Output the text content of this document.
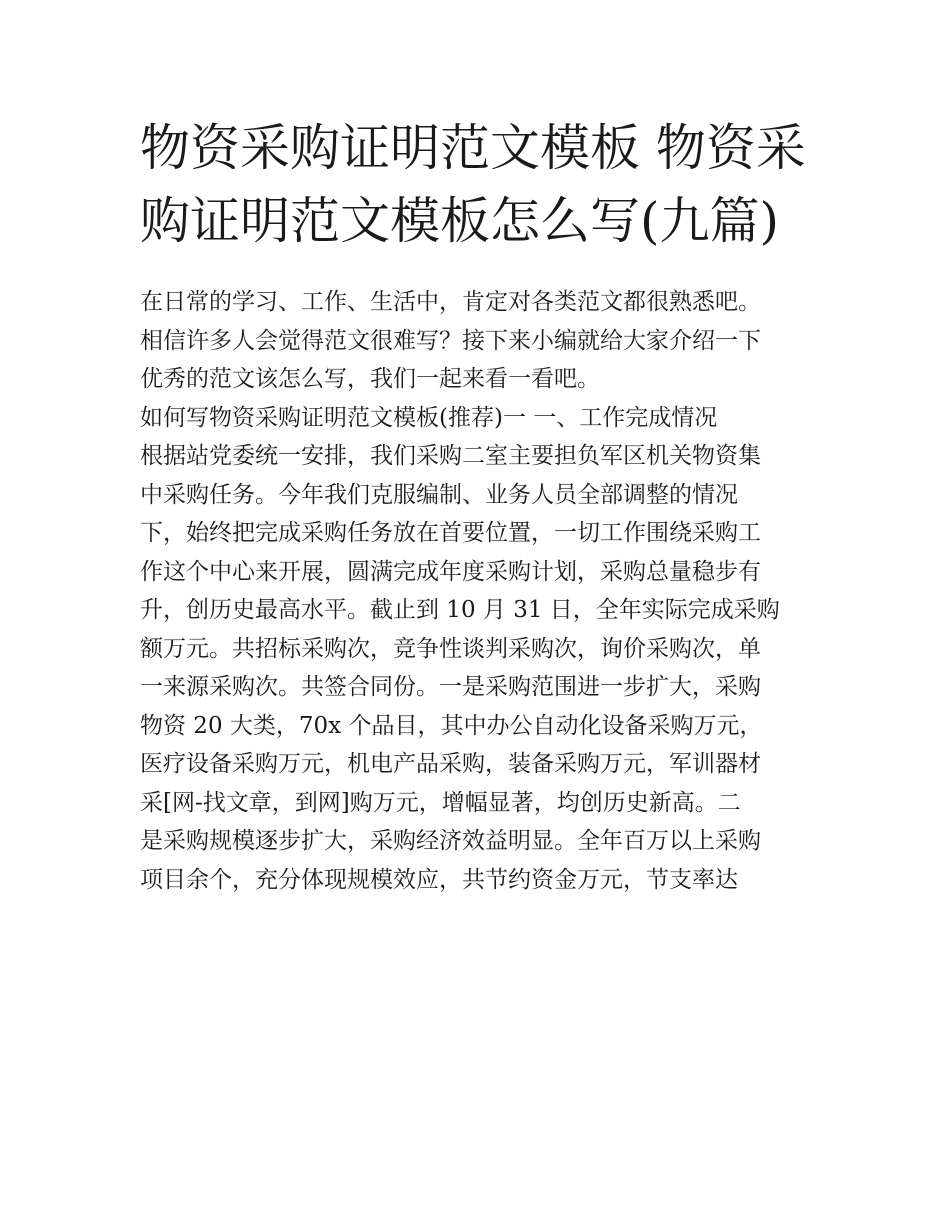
物资采购证明范文模板 物资采
购证明范文模板怎么写(九篇)
在日常的学习、工作、生活中，肯定对各类范文都很熟悉吧。
相信许多人会觉得范文很难写？接下来小编就给大家介绍一下
优秀的范文该怎么写，我们一起来看一看吧。
如何写物资采购证明范文模板(推荐)一 一、工作完成情况
根据站党委统一安排，我们采购二室主要担负军区机关物资集
中采购任务。今年我们克服编制、业务人员全部调整的情况
下，始终把完成采购任务放在首要位置，一切工作围绕采购工
作这个中心来开展，圆满完成年度采购计划，采购总量稳步有
升，创历史最高水平。截止到 10 月 31 日，全年实际完成采购
额万元。共招标采购次，竞争性谈判采购次，询价采购次，单
一来源采购次。共签合同份。一是采购范围进一步扩大，采购
物资 20 大类，70x 个品目，其中办公自动化设备采购万元，
医疗设备采购万元，机电产品采购，装备采购万元，军训器材
采[网-找文章，到网]购万元，增幅显著，均创历史新高。二
是采购规模逐步扩大，采购经济效益明显。全年百万以上采购
项目余个，充分体现规模效应，共节约资金万元，节支率达
